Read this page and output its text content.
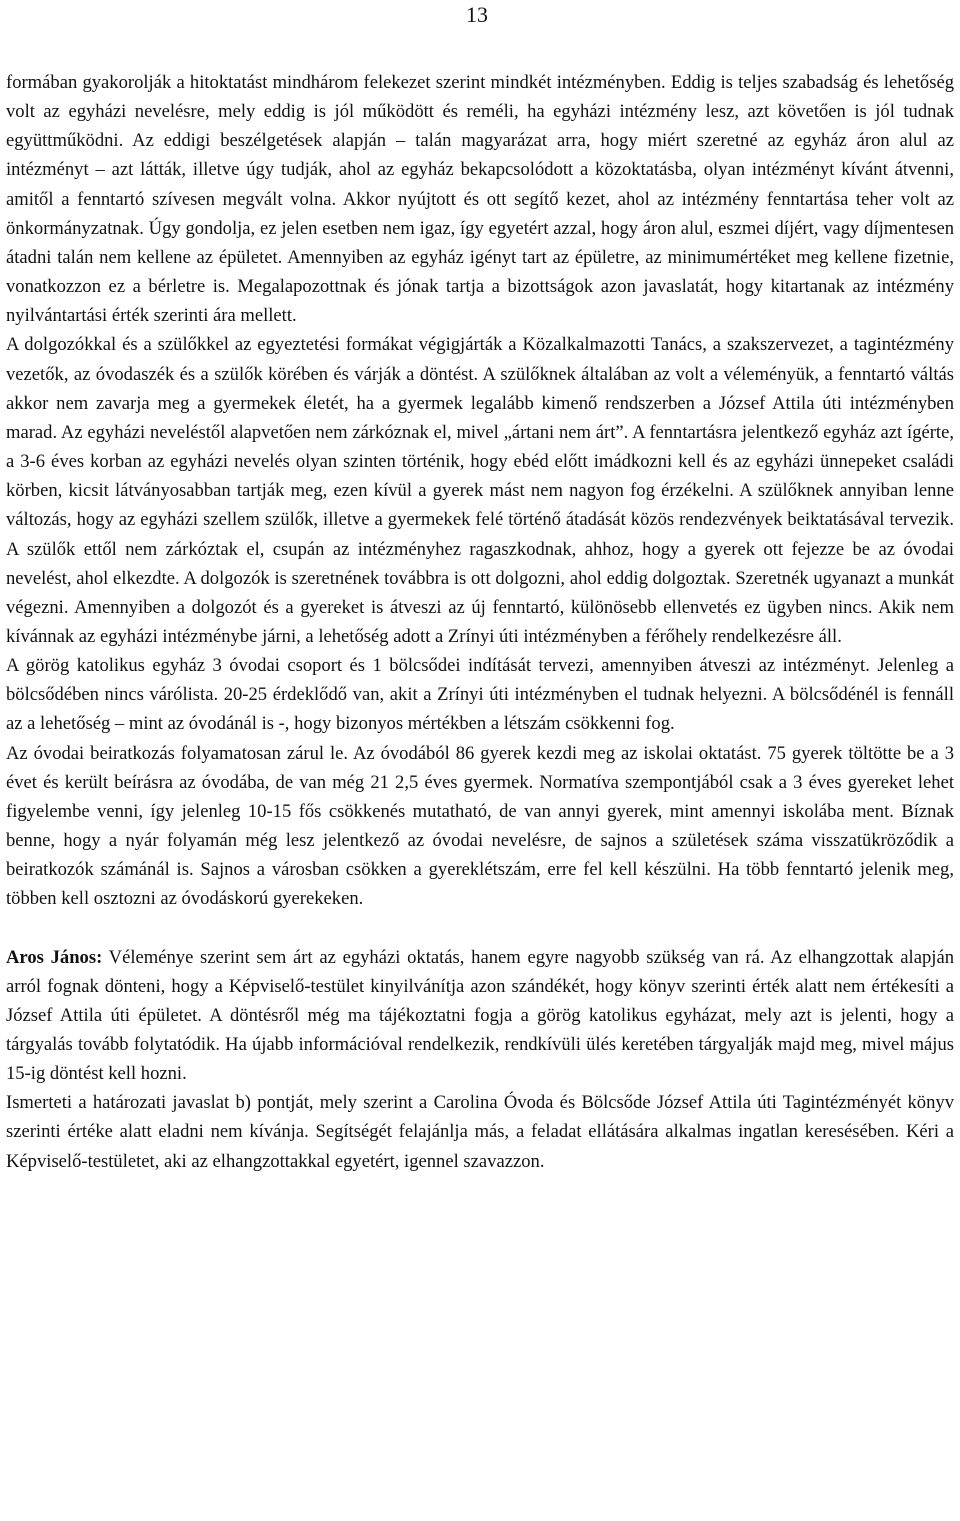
13

formában gyakorolják a hitoktatást mindhárom felekezet szerint mindkét intézményben. Eddig is teljes szabadság és lehetőség volt az egyházi nevelésre, mely eddig is jól működött és reméli, ha egyházi intézmény lesz, azt követően is jól tudnak együttműködni. Az eddigi beszélgetések alapján – talán magyarázat arra, hogy miért szeretné az egyház áron alul az intézményt – azt látták, illetve úgy tudják, ahol az egyház bekapcsolódott a közoktatásba, olyan intézményt kívánt átvenni, amitől a fenntartó szívesen megvált volna. Akkor nyújtott és ott segítő kezet, ahol az intézmény fenntartása teher volt az önkormányzatnak. Úgy gondolja, ez jelen esetben nem igaz, így egyetért azzal, hogy áron alul, eszmei díjért, vagy díjmentesen átadni talán nem kellene az épületet. Amennyiben az egyház igényt tart az épületre, az minimumértéket meg kellene fizetnie, vonatkozzon ez a bérletre is. Megalapozottnak és jónak tartja a bizottságok azon javaslatát, hogy kitartanak az intézmény nyilvántartási érték szerinti ára mellett.

A dolgozókkal és a szülőkkel az egyeztetési formákat végigjárták a Közalkalmazotti Tanács, a szakszervezet, a tagintézmény vezetők, az óvodaszék és a szülők körében és várják a döntést. A szülőknek általában az volt a véleményük, a fenntartó váltás akkor nem zavarja meg a gyermekek életét, ha a gyermek legalább kimenő rendszerben a József Attila úti intézményben marad. Az egyházi neveléstől alapvetően nem zárkóznak el, mivel „ártani nem árt”. A fenntartásra jelentkező egyház azt ígérte, a 3-6 éves korban az egyházi nevelés olyan szinten történik, hogy ebéd előtt imádkozni kell és az egyházi ünnepeket családi körben, kicsit látványosabban tartják meg, ezen kívül a gyerek mást nem nagyon fog érzékelni. A szülőknek annyiban lenne változás, hogy az egyházi szellem szülők, illetve a gyermekek felé történő átadását közös rendezvények beiktatásával tervezik. A szülők ettől nem zárkóztak el, csupán az intézményhez ragaszkodnak, ahhoz, hogy a gyerek ott fejezze be az óvodai nevelést, ahol elkezdte. A dolgozók is szeretnének továbbra is ott dolgozni, ahol eddig dolgoztak. Szeretnék ugyanazt a munkát végezni. Amennyiben a dolgozót és a gyereket is átveszi az új fenntartó, különösebb ellenvetés ez ügyben nincs. Akik nem kívánnak az egyházi intézménybe járni, a lehetőség adott a Zrínyi úti intézményben a férőhely rendelkezésre áll.

A görög katolikus egyház 3 óvodai csoport és 1 bölcsődei indítását tervezi, amennyiben átveszi az intézményt. Jelenleg a bölcsődében nincs várólista. 20-25 érdeklődő van, akit a Zrínyi úti intézményben el tudnak helyezni. A bölcsődénél is fennáll az a lehetőség – mint az óvodánál is -, hogy bizonyos mértékben a létszám csökkenni fog.

Az óvodai beiratkozás folyamatosan zárul le. Az óvodából 86 gyerek kezdi meg az iskolai oktatást. 75 gyerek töltötte be a 3 évet és került beírásra az óvodába, de van még 21 2,5 éves gyermek. Normatíva szempontjából csak a 3 éves gyereket lehet figyelembe venni, így jelenleg 10-15 fős csökkenés mutatható, de van annyi gyerek, mint amennyi iskolába ment. Bíznak benne, hogy a nyár folyamán még lesz jelentkező az óvodai nevelésre, de sajnos a születések száma visszatükröződik a beiratkozók számánál is. Sajnos a városban csökken a gyereklétszám, erre fel kell készülni. Ha több fenntartó jelenik meg, többen kell osztozni az óvodáskorú gyerekeken.

Aros János: Véleménye szerint sem árt az egyházi oktatás, hanem egyre nagyobb szükség van rá. Az elhangzottak alapján arról fognak dönteni, hogy a Képviselő-testület kinyilvánítja azon szándékét, hogy könyv szerinti érték alatt nem értékesíti a József Attila úti épületet. A döntésről még ma tájékoztatni fogja a görög katolikus egyházat, mely azt is jelenti, hogy a tárgyalás tovább folytatódik. Ha újabb információval rendelkezik, rendkívüli ülés keretében tárgyalják majd meg, mivel május 15-ig döntést kell hozni.

Ismerteti a határozati javaslat b) pontját, mely szerint a Carolina Óvoda és Bölcsőde József Attila úti Tagintézményét könyv szerinti értéke alatt eladni nem kívánja. Segítségét felajánlja más, a feladat ellátására alkalmas ingatlan keresésében. Kéri a Képviselő-testületet, aki az elhangzottakkal egyetért, igennel szavazzon.
